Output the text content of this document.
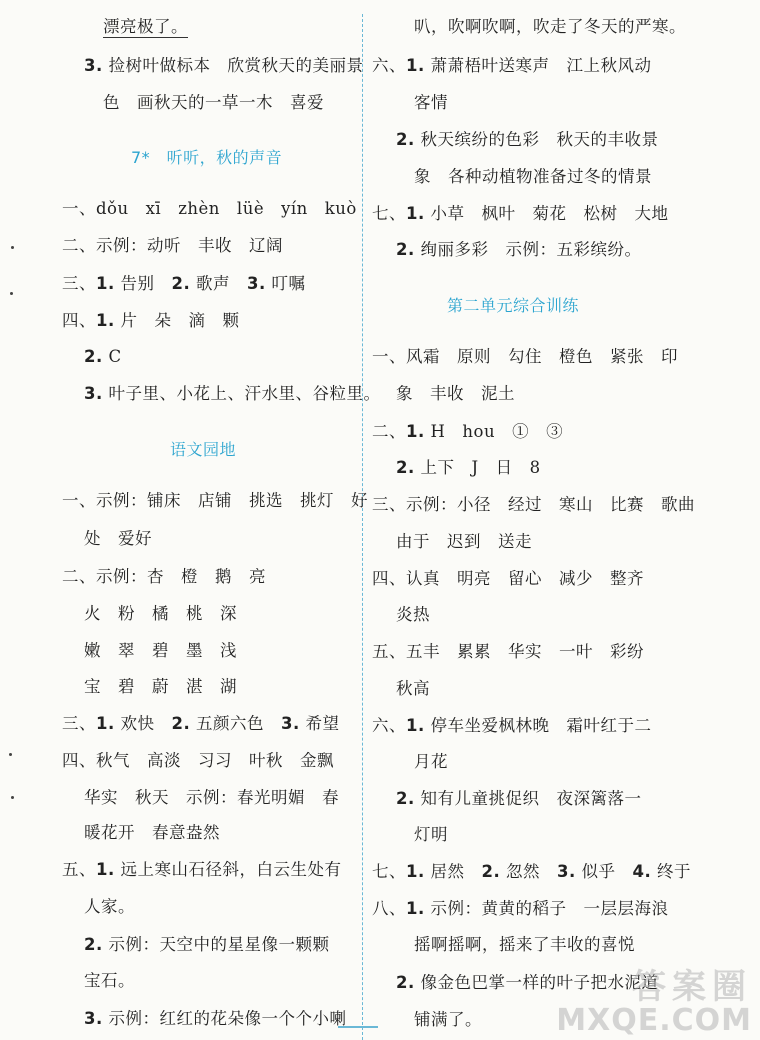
漂亮极了。
3. 捡树叶做标本　欣赏秋天的美丽景
色　画秋天的一草一木　喜爱
7*　听听，秋的声音
一、dǒu　xī　zhèn　lüè　yín　kuò
二、示例：动听　丰收　辽阔
三、1. 告别　2. 歌声　3. 叮嘱
四、1. 片　朵　滴　颗
2. C
3. 叶子里、小花上、汗水里、谷粒里。
语文园地
一、示例：铺床　店铺　挑选　挑灯　好
处　爱好
二、示例：杏　橙　鹅　亮
火　粉　橘　桃　深
嫩　翠　碧　墨　浅
宝　碧　蔚　湛　湖
三、1. 欢快　2. 五颜六色　3. 希望
四、秋气　高淡　习习　叶秋　金飘
华实　秋天　示例：春光明媚　春
暖花开　春意盎然
五、1. 远上寒山石径斜，白云生处有
人家。
2. 示例：天空中的星星像一颗颗
宝石。
3. 示例：红红的花朵像一个个小喇
叭，吹啊吹啊，吹走了冬天的严寒。
六、1. 萧萧梧叶送寒声　江上秋风动
客情
2. 秋天缤纷的色彩　秋天的丰收景
象　各种动植物准备过冬的情景
七、1. 小草　枫叶　菊花　松树　大地
2. 绚丽多彩　示例：五彩缤纷。
第二单元综合训练
一、风霜　原则　勾住　橙色　紧张　印
象　丰收　泥土
二、1. H　hou　①　③
2. 上下　J　日　8
三、示例：小径　经过　寒山　比赛　歌曲
由于　迟到　送走
四、认真　明亮　留心　减少　整齐
炎热
五、五丰　累累　华实　一叶　彩纷
秋高
六、1. 停车坐爱枫林晚　霜叶红于二
月花
2. 知有儿童挑促织　夜深篱落一
灯明
七、1. 居然　2. 忽然　3. 似乎　4. 终于
八、1. 示例：黄黄的稻子　一层层海浪
摇啊摇啊，摇来了丰收的喜悦
2. 像金色巴掌一样的叶子把水泥道
铺满了。
答案圈
MXQE.COM
